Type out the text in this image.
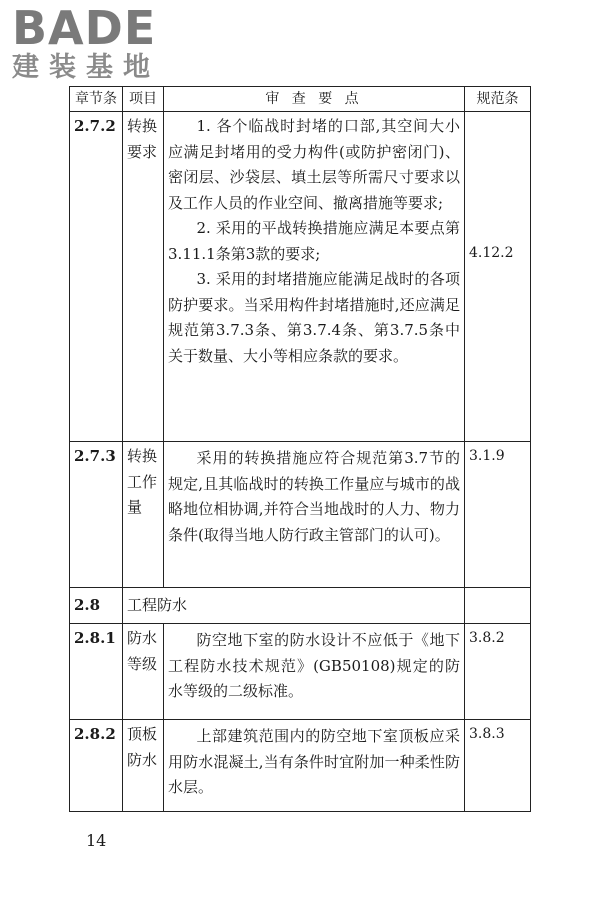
BADE
建装基地
章节条	项目	审 查 要 点	规范条
2.7.2	转换要求	1. 各个临战时封堵的口部,其空间大小应满足封堵用的受力构件(或防护密闭门)、密闭层、沙袋层、填土层等所需尺寸要求以及工作人员的作业空间、撤离措施等要求;

2. 采用的平战转换措施应满足本要点第3.11.1条第3款的要求;

3. 采用的封堵措施应能满足战时的各项防护要求。当采用构件封堵措施时,还应满足规范第3.7.3条、第3.7.4条、第3.7.5条中关于数量、大小等相应条款的要求。	4.12.2
2.7.3	转换工作量	采用的转换措施应符合规范第3.7节的规定,且其临战时的转换工作量应与城市的战略地位相协调,并符合当地战时的人力、物力条件(取得当地人防行政主管部门的认可)。	3.1.9
2.8	工程防水		
2.8.1	防水等级	防空地下室的防水设计不应低于《地下工程防水技术规范》(GB50108)规定的防水等级的二级标准。	3.8.2
2.8.2	顶板防水	上部建筑范围内的防空地下室顶板应采用防水混凝土,当有条件时宜附加一种柔性防水层。	3.8.3
14
